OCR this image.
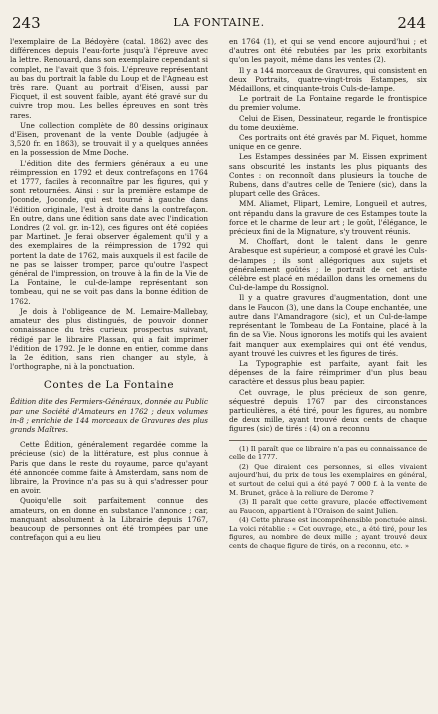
243	LA FONTAINE.	244

l'exemplaire de La Bédoyère (catal. 1862) avec des différences depuis l'eau-forte jusqu'à l'épreuve avec la lettre. Renouard, dans son exemplaire cependant si complet, ne l'avait que 3 fois. L'épreuve représentant au bas du portrait la fable du Loup et de l'Agneau est très rare. Quant au portrait d'Eisen, aussi par Ficquet, il est souvent faible, ayant été gravé sur du cuivre trop mou. Les belles épreuves en sont très rares.

Une collection complète de 80 dessins originaux d'Eisen, provenant de la vente Double (adjugée à 3,520 fr. en 1863), se trouvait il y a quelques années en la possession de Mme Doche.

L'édition dite des fermiers généraux a eu une réimpression en 1792 et deux contrefaçons en 1764 et 1777, faciles à reconnaître par les figures, qui y sont retournées. Ainsi : sur la première estampe de Joconde, Joconde, qui est tourné à gauche dans l'édition originale, l'est à droite dans la contrefaçon. En outre, dans une édition sans date avec l'indication Londres (2 vol. gr. in-12), ces figures ont été copiées par Martinet. Je ferai observer également qu'il y a des exemplaires de la réimpression de 1792 qui portent la date de 1762, mais auxquels il est facile de ne pas se laisser tromper, parce qu'outre l'aspect général de l'impression, on trouve à la fin de la Vie de La Fontaine, le cul-de-lampe représentant son tombeau, qui ne se voit pas dans la bonne édition de 1762.

Je dois à l'obligeance de M. Lemaire-Mallebay, amateur des plus distingués, de pouvoir donner connaissance du très curieux prospectus suivant, rédigé par le libraire Plassan, qui a fait imprimer l'édition de 1792. Je le donne en entier, comme dans la 2e édition, sans rien changer au style, à l'orthographe, ni à la ponctuation.

Contes de La Fontaine

Édition dite des Fermiers-Généraux, donnée au Public par une Société d'Amateurs en 1762 ; deux volumes in-8 ; enrichie de 144 morceaux de Gravures des plus grands Maîtres.

Cette Édition, généralement regardée comme la précieuse (sic) de la littérature, est plus connue à Paris que dans le reste du royaume, parce qu'ayant été annoncée comme faite à Amsterdam, sans nom de libraire, la Province n'a pas su à qui s'adresser pour en avoir.

Quoiqu'elle soit parfaitement connue des amateurs, on en donne en substance l'annonce ; car, manquant absolument à la Librairie depuis 1767, beaucoup de personnes ont été trompées par une contrefaçon qui a eu lieu

en 1764 (1), et qui se vend encore aujourd'hui ; et d'autres ont été rebutées par les prix exorbitants qu'on les payoit, même dans les ventes (2).

Il y a 144 morceaux de Gravures, qui consistent en deux Portraits, quatre-vingt-trois Estampes, six Médaillons, et cinquante-trois Culs-de-lampe.

Le portrait de La Fontaine regarde le frontispice du premier volume.

Celui de Eisen, Dessinateur, regarde le frontispice du tome deuxième.

Ces portraits ont été gravés par M. Fiquet, homme unique en ce genre.

Les Estampes dessinées par M. Eissen expriment sans obscurité les instants les plus piquants des Contes : on reconnoît dans plusieurs la touche de Rubens, dans d'autres celle de Teniere (sic), dans la plupart celle des Grâces.

MM. Aliamet, Flipart, Lemire, Longueil et autres, ont répandu dans la gravure de ces Estampes toute la force et le charme de leur art ; le goût, l'élégance, le précieux fini de la Mignature, s'y trouvent réunis.

M. Choffart, dont le talent dans le genre Arabesque est supérieur, a composé et gravé les Culs-de-lampes ; ils sont allégoriques aux sujets et généralement goûtés ; le portrait de cet artiste célèbre est placé en médaillon dans les ornemens du Cul-de-lampe du Rossignol.

Il y a quatre gravures d'augmentation, dont une dans le Faucon (3), une dans la Coupe enchantée, une autre dans l'Amandragore (sic), et un Cul-de-lampe représentant le Tombeau de La Fontaine, placé à la fin de sa Vie. Nous ignorons les motifs qui les avaient fait manquer aux exemplaires qui ont été vendus, ayant trouvé les cuivres et les figures de tirés.

La Typographie est parfaite, ayant fait les dépenses de la faire réimprimer d'un plus beau caractère et dessus plus beau papier.

Cet ouvrage, le plus précieux de son genre, séquestré depuis 1767 par des circonstances particulières, a été tiré, pour les figures, au nombre de deux mille, ayant trouvé deux cents de chaque figures (sic) de tirés : (4) on a reconnu

(1) Il paraît que ce libraire n'a pas eu connaissance de celle de 1777.

(2) Que diraient ces personnes, si elles vivaient aujourd'hui, du prix de tous les exemplaires en général, et surtout de celui qui a été payé 7 000 f. à la vente de M. Brunet, grâce à la reliure de Derome ?

(3) Il paraît que cette gravure, placée effectivement au Faucon, appartient à l'Oraison de saint Julien.

(4) Cette phrase est incompréhensible ponctuée ainsi. La voici rétablie : « Cet ouvrage, etc., a été tiré, pour les figures, au nombre de deux mille ; ayant trouvé deux cents de chaque figure de tirés, on a reconnu, etc. »
